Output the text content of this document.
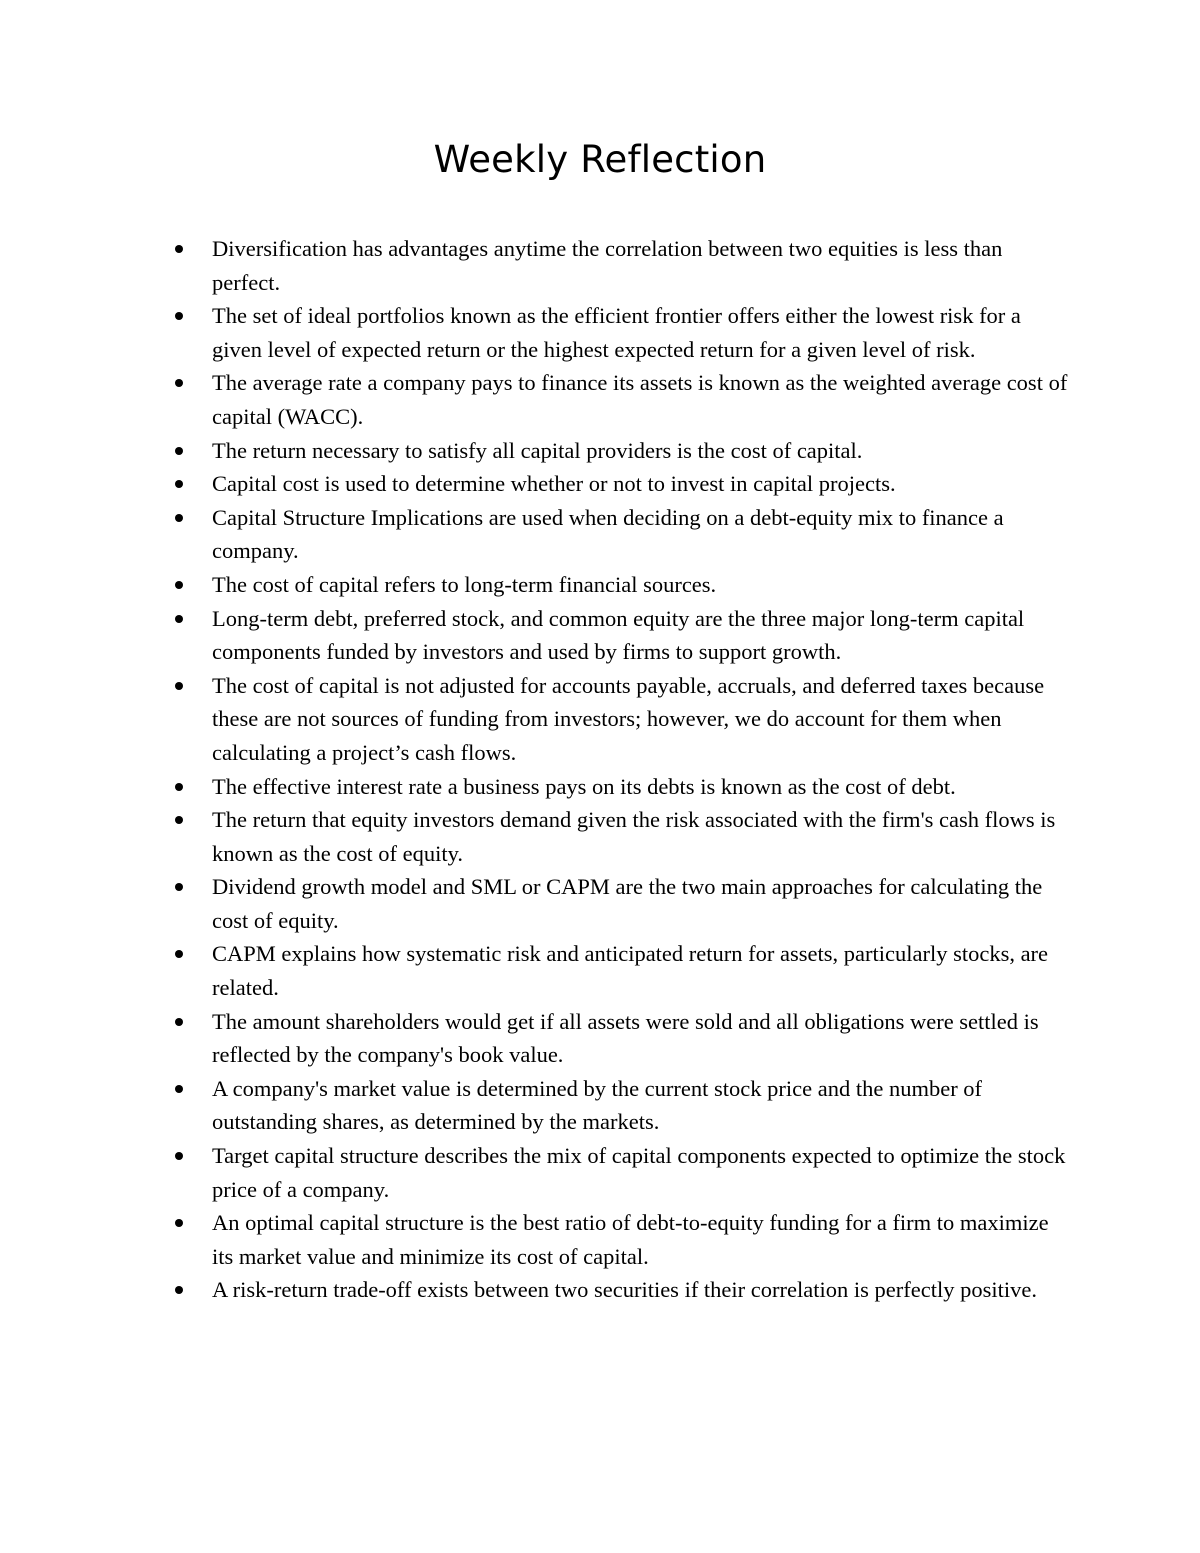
Weekly Reflection
Diversification has advantages anytime the correlation between two equities is less than perfect.
The set of ideal portfolios known as the efficient frontier offers either the lowest risk for a given level of expected return or the highest expected return for a given level of risk.
The average rate a company pays to finance its assets is known as the weighted average cost of capital (WACC).
The return necessary to satisfy all capital providers is the cost of capital.
Capital cost is used to determine whether or not to invest in capital projects.
Capital Structure Implications are used when deciding on a debt-equity mix to finance a company.
The cost of capital refers to long-term financial sources.
Long-term debt, preferred stock, and common equity are the three major long-term capital components funded by investors and used by firms to support growth.
The cost of capital is not adjusted for accounts payable, accruals, and deferred taxes because these are not sources of funding from investors; however, we do account for them when calculating a project’s cash flows.
The effective interest rate a business pays on its debts is known as the cost of debt.
The return that equity investors demand given the risk associated with the firm's cash flows is known as the cost of equity.
Dividend growth model and SML or CAPM are the two main approaches for calculating the cost of equity.
CAPM explains how systematic risk and anticipated return for assets, particularly stocks, are related.
The amount shareholders would get if all assets were sold and all obligations were settled is reflected by the company's book value.
A company's market value is determined by the current stock price and the number of outstanding shares, as determined by the markets.
Target capital structure describes the mix of capital components expected to optimize the stock price of a company.
An optimal capital structure is the best ratio of debt-to-equity funding for a firm to maximize its market value and minimize its cost of capital.
A risk-return trade-off exists between two securities if their correlation is perfectly positive.
